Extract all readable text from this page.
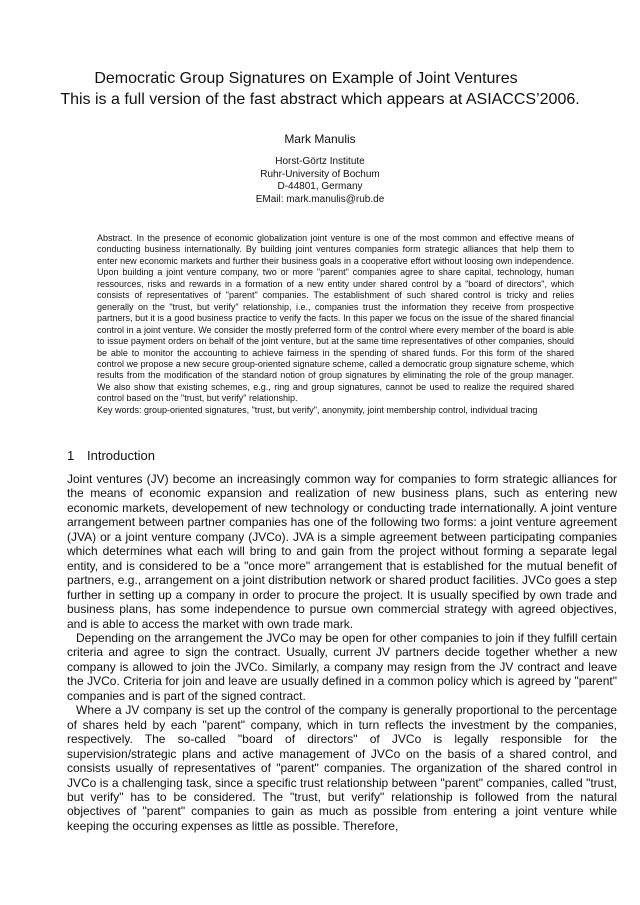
Democratic Group Signatures on Example of Joint Ventures
This is a full version of the fast abstract which appears at ASIACCS’2006.
Mark Manulis
Horst-Görtz Institute
Ruhr-University of Bochum
D-44801, Germany
EMail: mark.manulis@rub.de
Abstract. In the presence of economic globalization joint venture is one of the most common and effective means of conducting business internationally. By building joint ventures companies form strategic alliances that help them to enter new economic markets and further their business goals in a cooperative effort without loosing own independence. Upon building a joint venture company, two or more "parent" companies agree to share capital, technology, human ressources, risks and rewards in a formation of a new entity under shared control by a "board of directors", which consists of representatives of "parent" companies. The establishment of such shared control is tricky and relies generally on the "trust, but verify" relationship, i.e., companies trust the information they receive from prospective partners, but it is a good business practice to verify the facts. In this paper we focus on the issue of the shared financial control in a joint venture. We consider the mostly preferred form of the control where every member of the board is able to issue payment orders on behalf of the joint venture, but at the same time representatives of other companies, should be able to monitor the accounting to achieve fairness in the spending of shared funds. For this form of the shared control we propose a new secure group-oriented signature scheme, called a democratic group signature scheme, which results from the modification of the standard notion of group signatures by eliminating the role of the group manager. We also show that existing schemes, e.g., ring and group signatures, cannot be used to realize the required shared control based on the "trust, but verify" relationship.
Key words: group-oriented signatures, "trust, but verify", anonymity, joint membership control, individual tracing
1 Introduction

Joint ventures (JV) become an increasingly common way for companies to form strategic alliances for the means of economic expansion and realization of new business plans, such as entering new economic markets, developement of new technology or conducting trade internationally. A joint venture arrangement between partner companies has one of the following two forms: a joint venture agreement (JVA) or a joint venture company (JVCo). JVA is a simple agreement between participating companies which determines what each will bring to and gain from the project without forming a separate legal entity, and is considered to be a "once more" arrangement that is established for the mutual benefit of partners, e.g., arrangement on a joint distribution network or shared product facilities. JVCo goes a step further in setting up a company in order to procure the project. It is usually specified by own trade and business plans, has some independence to pursue own commercial strategy with agreed objectives, and is able to access the market with own trade mark.

Depending on the arrangement the JVCo may be open for other companies to join if they fulfill certain criteria and agree to sign the contract. Usually, current JV partners decide together whether a new company is allowed to join the JVCo. Similarly, a company may resign from the JV contract and leave the JVCo. Criteria for join and leave are usually defined in a common policy which is agreed by "parent" companies and is part of the signed contract.

Where a JV company is set up the control of the company is generally proportional to the percentage of shares held by each "parent" company, which in turn reflects the investment by the companies, respectively. The so-called "board of directors" of JVCo is legally responsible for the supervision/strategic plans and active management of JVCo on the basis of a shared control, and consists usually of representatives of "parent" companies. The organization of the shared control in JVCo is a challenging task, since a specific trust relationship between "parent" companies, called "trust, but verify" has to be considered. The "trust, but verify" relationship is followed from the natural objectives of "parent" companies to gain as much as possible from entering a joint venture while keeping the occuring expenses as little as possible. Therefore,
